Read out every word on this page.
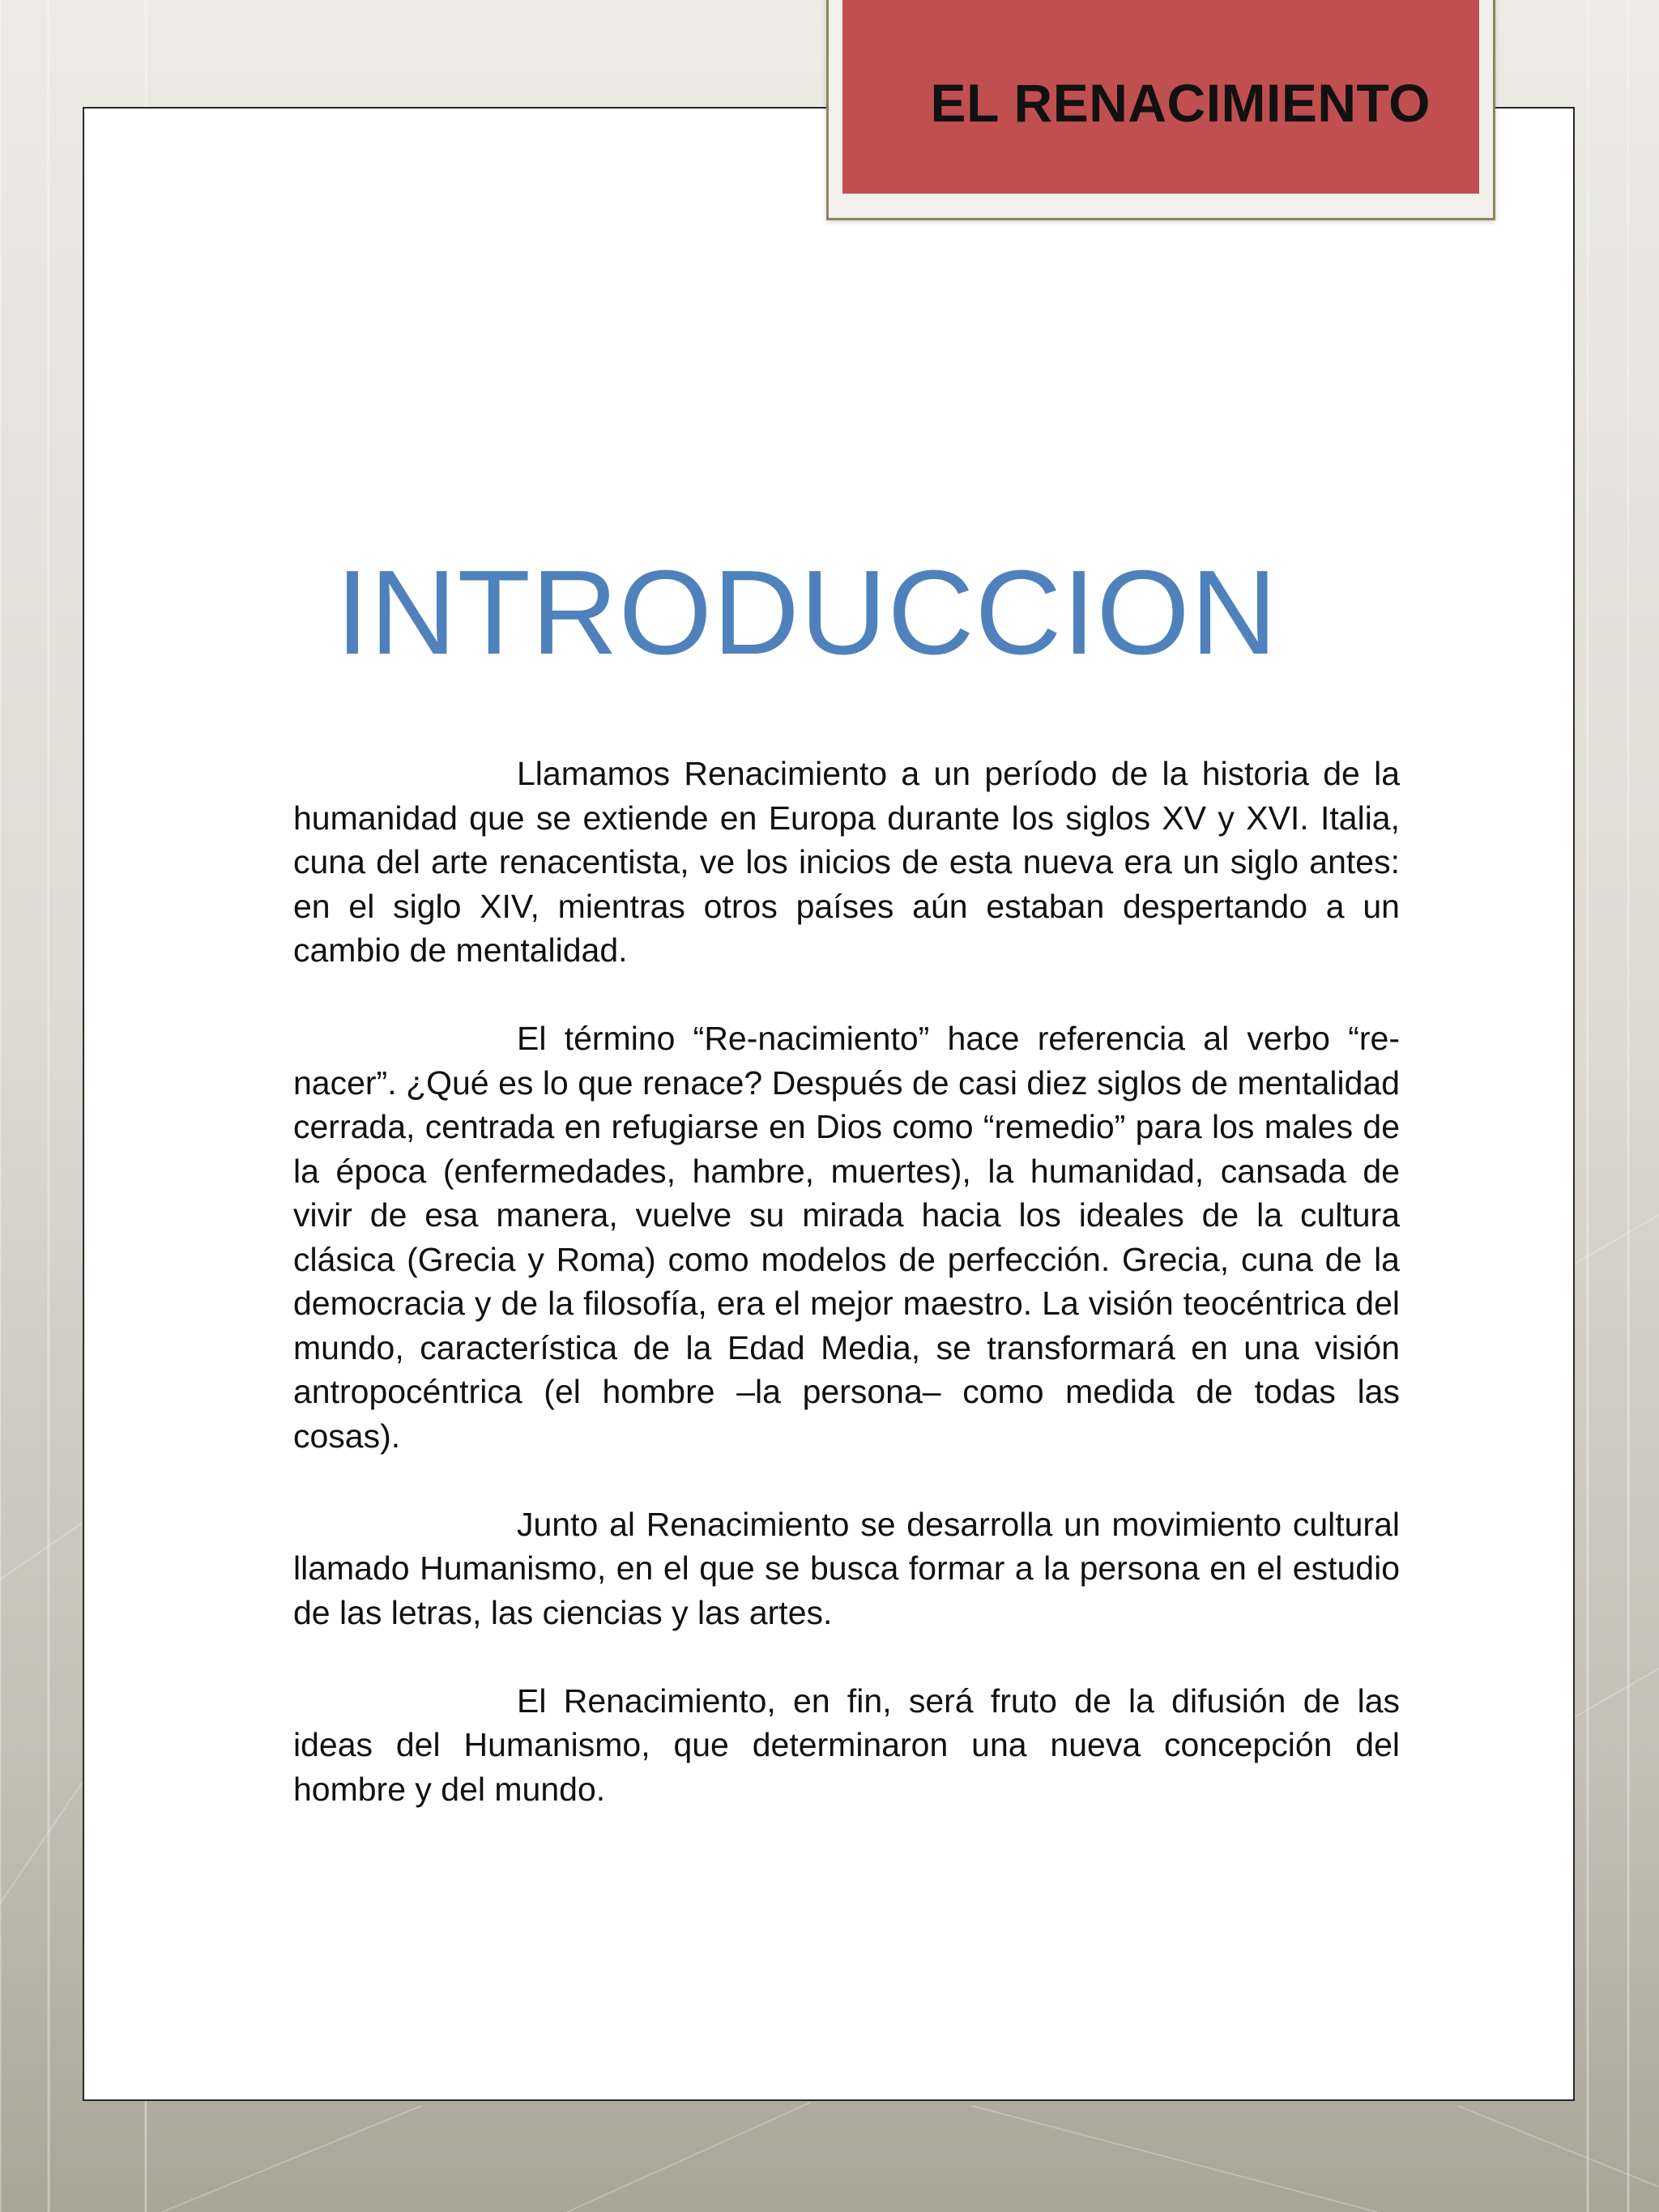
EL RENACIMIENTO
INTRODUCCION

Llamamos Renacimiento a un período de la historia de la humanidad que se extiende en Europa durante los siglos XV y XVI. Italia, cuna del arte renacentista, ve los inicios de esta nueva era un siglo antes: en el siglo XIV, mientras otros países aún estaban despertando a un cambio de mentalidad.

El término “Re-nacimiento” hace referencia al verbo “re-nacer”. ¿Qué es lo que renace? Después de casi diez siglos de mentalidad cerrada, centrada en refugiarse en Dios como “remedio” para los males de la época (enfermedades, hambre, muertes), la humanidad, cansada de vivir de esa manera, vuelve su mirada hacia los ideales de la cultura clásica (Grecia y Roma) como modelos de perfección. Grecia, cuna de la democracia y de la filosofía, era el mejor maestro. La visión teocéntrica del mundo, característica de la Edad Media, se transformará en una visión antropocéntrica (el hombre –la persona– como medida de todas las cosas).

Junto al Renacimiento se desarrolla un movimiento cultural llamado Humanismo, en el que se busca formar a la persona en el estudio de las letras, las ciencias y las artes.

El Renacimiento, en fin, será fruto de la difusión de las ideas del Humanismo, que determinaron una nueva concepción del hombre y del mundo.
